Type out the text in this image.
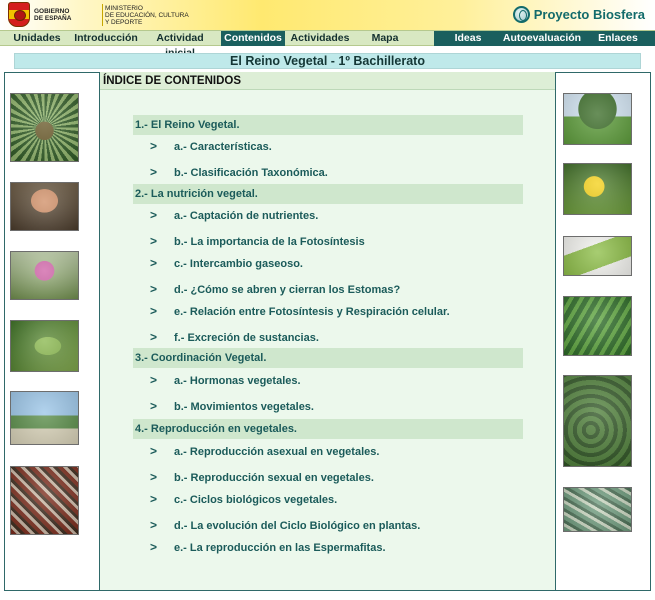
GOBIERNO
DE ESPAÑA
MINISTERIO
DE EDUCACIÓN, CULTURA
Y DEPORTE
Proyecto Biosfera
Unidades	Introducción	Actividad	Contenidos Actividades	Mapa	Ideas	Autoevaluación	Enlaces
El Reino Vegetal - 1º Bachillerato
ÍNDICE DE CONTENIDOS
1.- El Reino Vegetal.
> a.- Características.
> b.- Clasificación Taxonómica.
2.- La nutrición vegetal.
> a.- Captación de nutrientes.
> b.- La importancia de la Fotosíntesis
> c.- Intercambio gaseoso.
> d.- ¿Cómo se abren y cierran los Estomas?
> e.- Relación entre Fotosíntesis y Respiración celular.
> f.- Excreción de sustancias.
3.- Coordinación Vegetal.
> a.- Hormonas vegetales.
> b.- Movimientos vegetales.
4.- Reproducción en vegetales.
> a.- Reproducción asexual en vegetales.
> b.- Reproducción sexual en vegetales.
> c.- Ciclos biológicos vegetales.
> d.- La evolución del Ciclo Biológico en plantas.
> e.- La reproducción en las Espermafitas.
